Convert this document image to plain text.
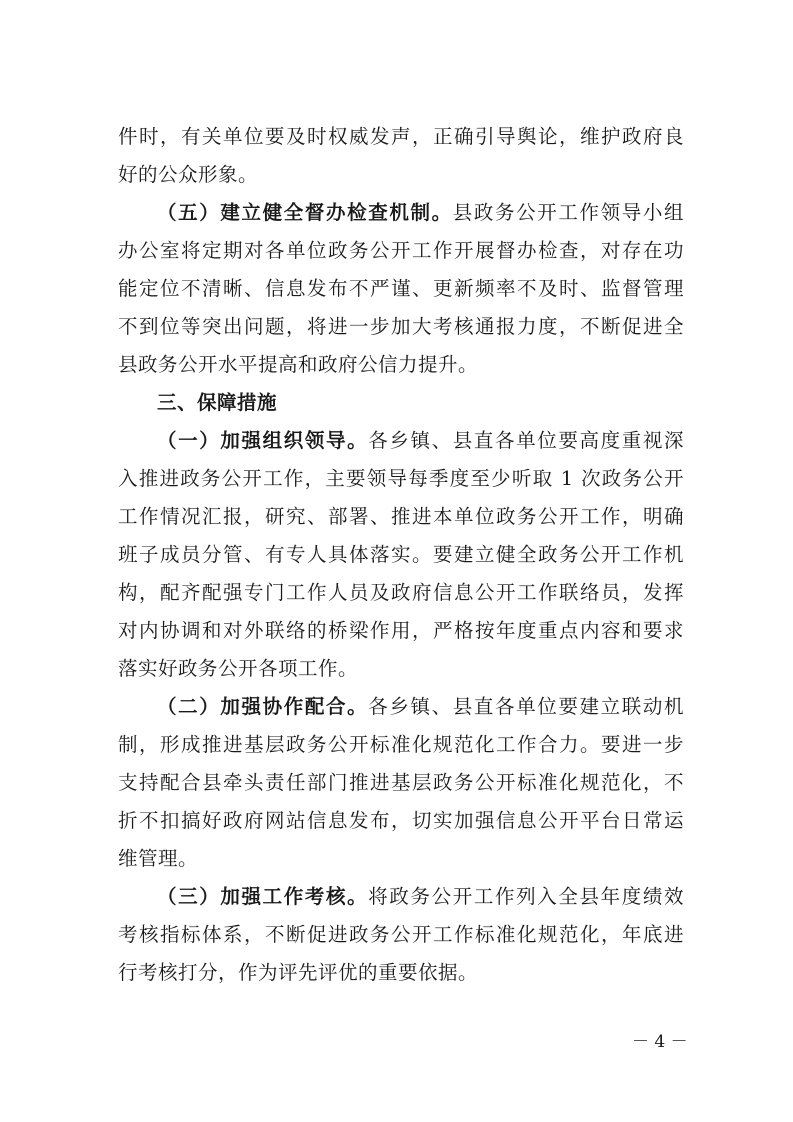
件时，有关单位要及时权威发声，正确引导舆论，维护政府良
好的公众形象。
（五）建立健全督办检查机制。县政务公开工作领导小组
办公室将定期对各单位政务公开工作开展督办检查，对存在功
能定位不清晰、信息发布不严谨、更新频率不及时、监督管理
不到位等突出问题，将进一步加大考核通报力度，不断促进全
县政务公开水平提高和政府公信力提升。
三、保障措施
（一）加强组织领导。各乡镇、县直各单位要高度重视深
入推进政务公开工作，主要领导每季度至少听取 1 次政务公开
工作情况汇报，研究、部署、推进本单位政务公开工作，明确
班子成员分管、有专人具体落实。要建立健全政务公开工作机
构，配齐配强专门工作人员及政府信息公开工作联络员，发挥
对内协调和对外联络的桥梁作用，严格按年度重点内容和要求
落实好政务公开各项工作。
（二）加强协作配合。各乡镇、县直各单位要建立联动机
制，形成推进基层政务公开标准化规范化工作合力。要进一步
支持配合县牵头责任部门推进基层政务公开标准化规范化，不
折不扣搞好政府网站信息发布，切实加强信息公开平台日常运
维管理。
（三）加强工作考核。将政务公开工作列入全县年度绩效
考核指标体系，不断促进政务公开工作标准化规范化，年底进
行考核打分，作为评先评优的重要依据。
－ 4 －
